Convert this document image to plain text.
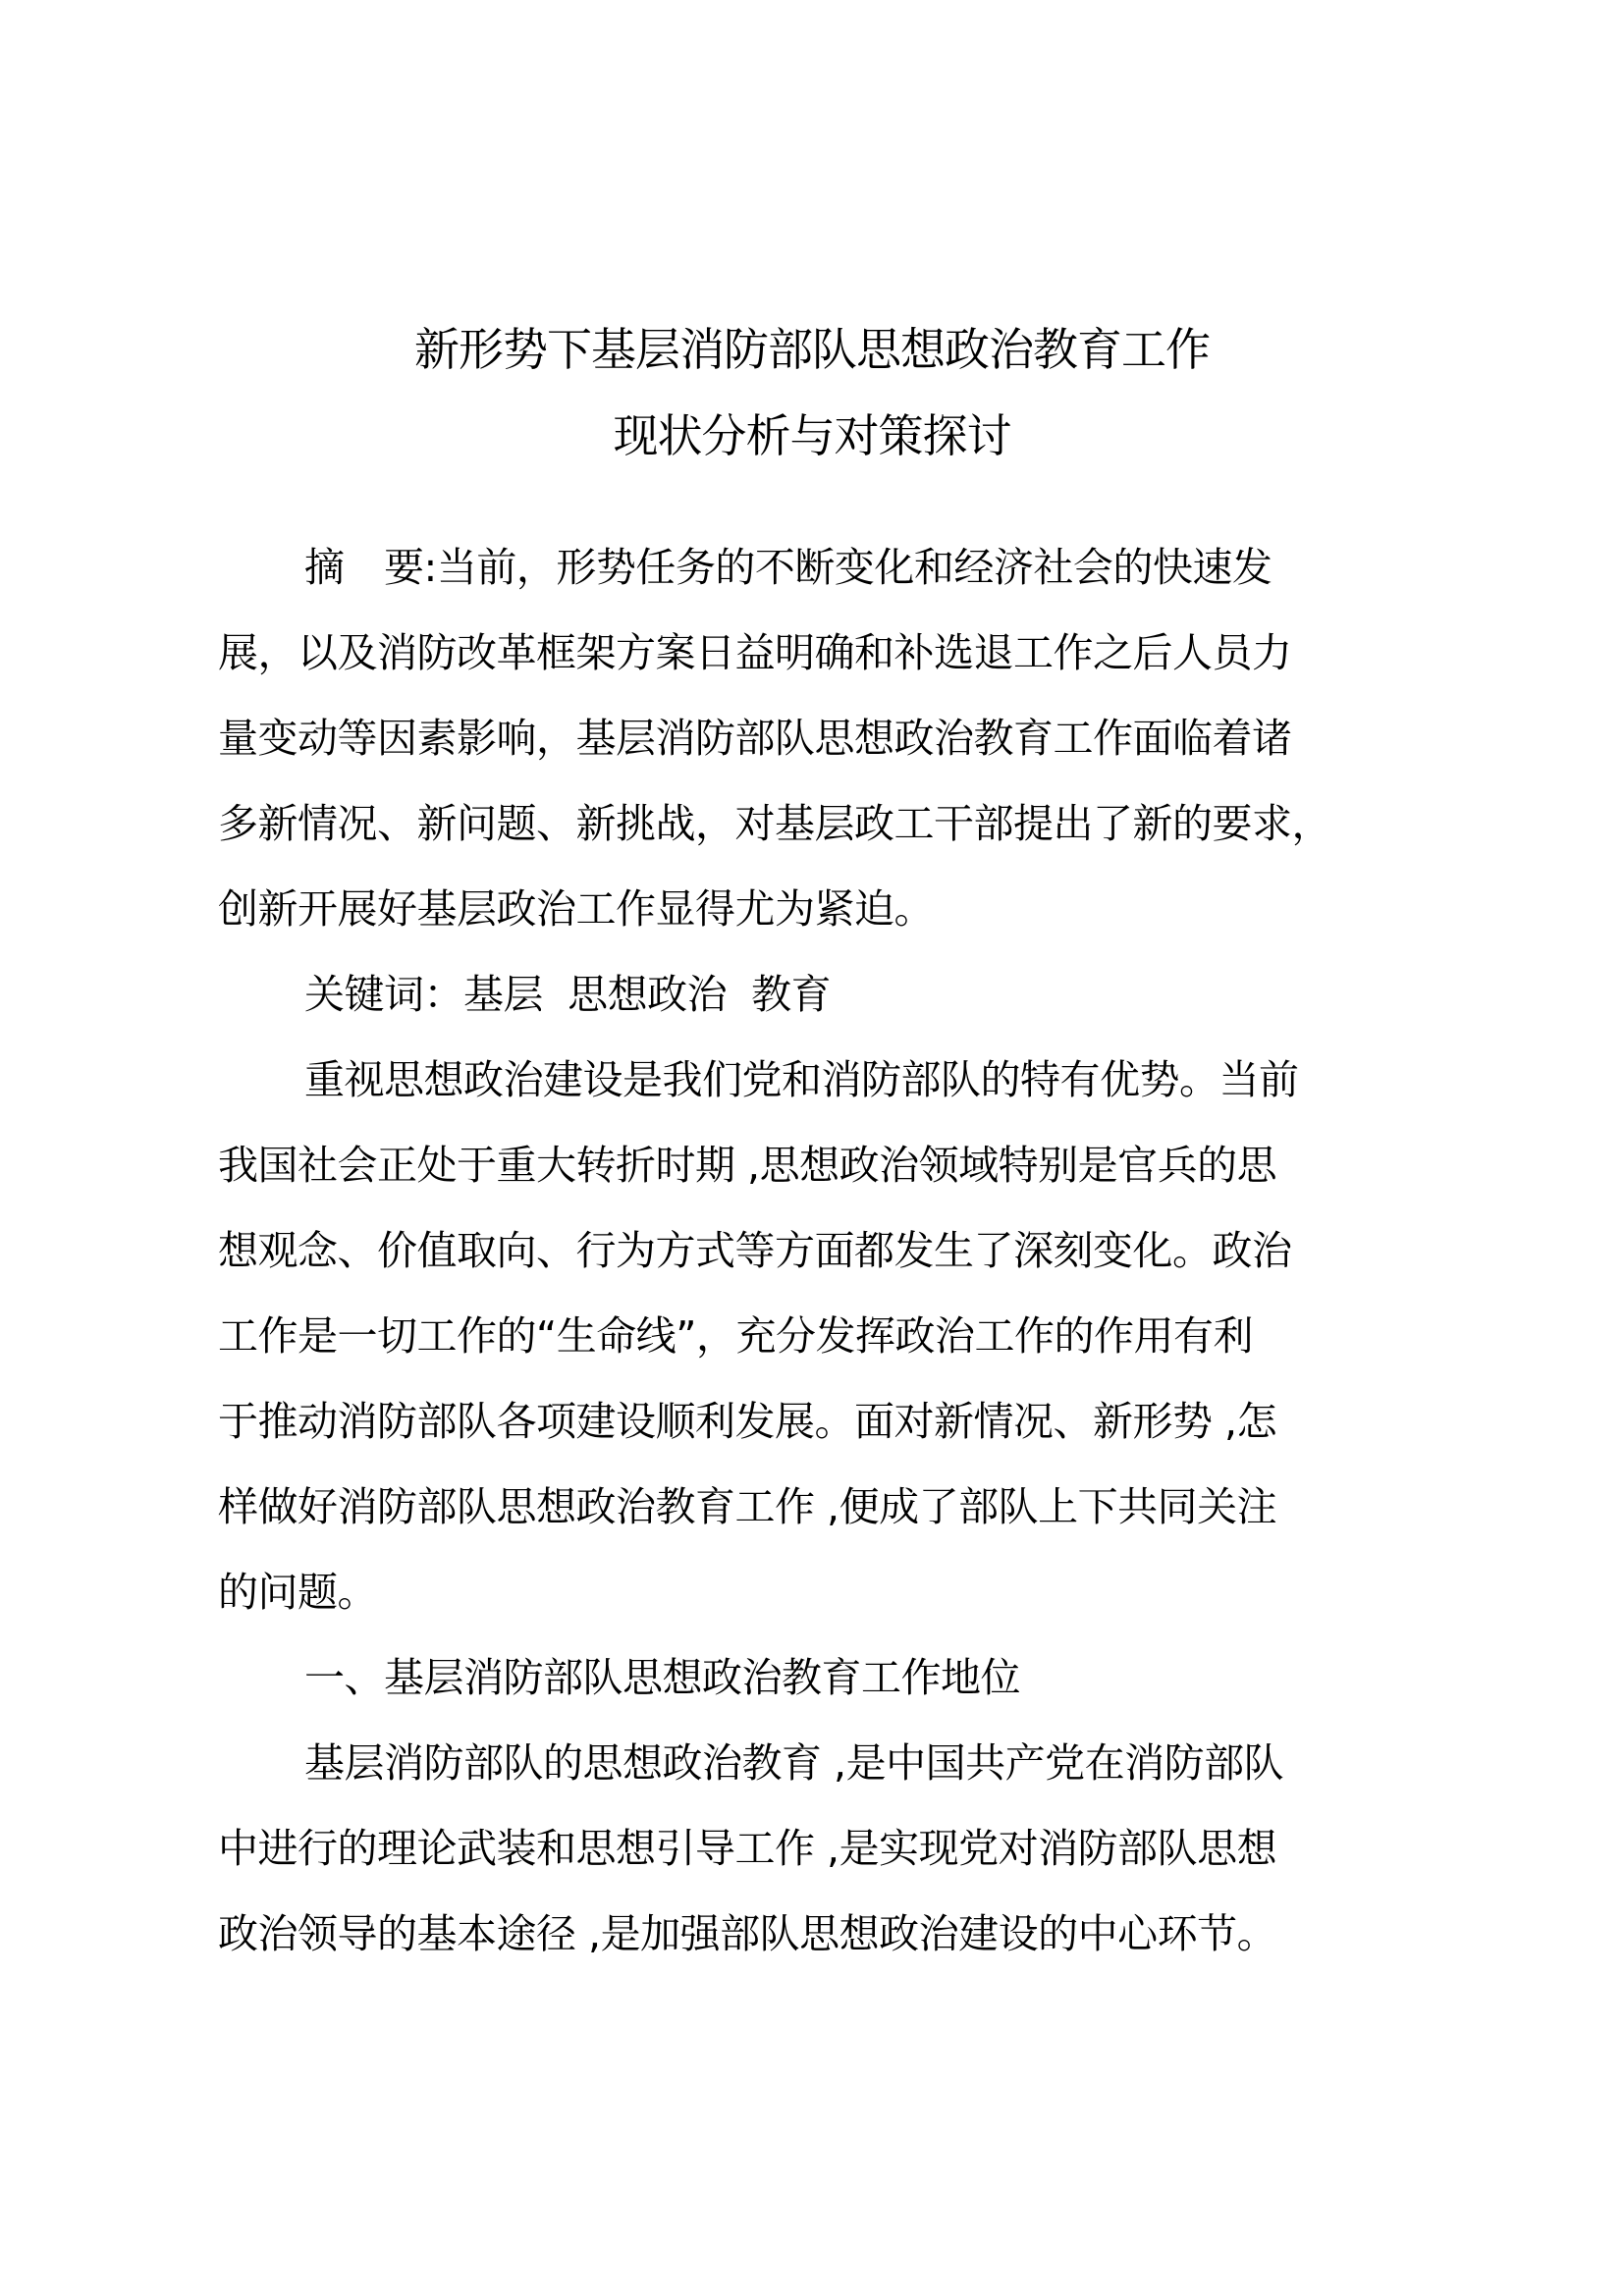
新形势下基层消防部队思想政治教育工作
现状分析与对策探讨
摘　要:当前，形势任务的不断变化和经济社会的快速发
展，以及消防改革框架方案日益明确和补选退工作之后人员力
量变动等因素影响，基层消防部队思想政治教育工作面临着诸
多新情况、新问题、新挑战，对基层政工干部提出了新的要求，
创新开展好基层政治工作显得尤为紧迫。
关键词：基层  思想政治  教育
重视思想政治建设是我们党和消防部队的特有优势。当前
我国社会正处于重大转折时期 ,思想政治领域特别是官兵的思
想观念、价值取向、行为方式等方面都发生了深刻变化。政治
工作是一切工作的“生命线”，充分发挥政治工作的作用有利
于推动消防部队各项建设顺利发展。面对新情况、新形势 ,怎
样做好消防部队思想政治教育工作 ,便成了部队上下共同关注
的问题。
一、基层消防部队思想政治教育工作地位
基层消防部队的思想政治教育 ,是中国共产党在消防部队
中进行的理论武装和思想引导工作 ,是实现党对消防部队思想
政治领导的基本途径 ,是加强部队思想政治建设的中心环节。
